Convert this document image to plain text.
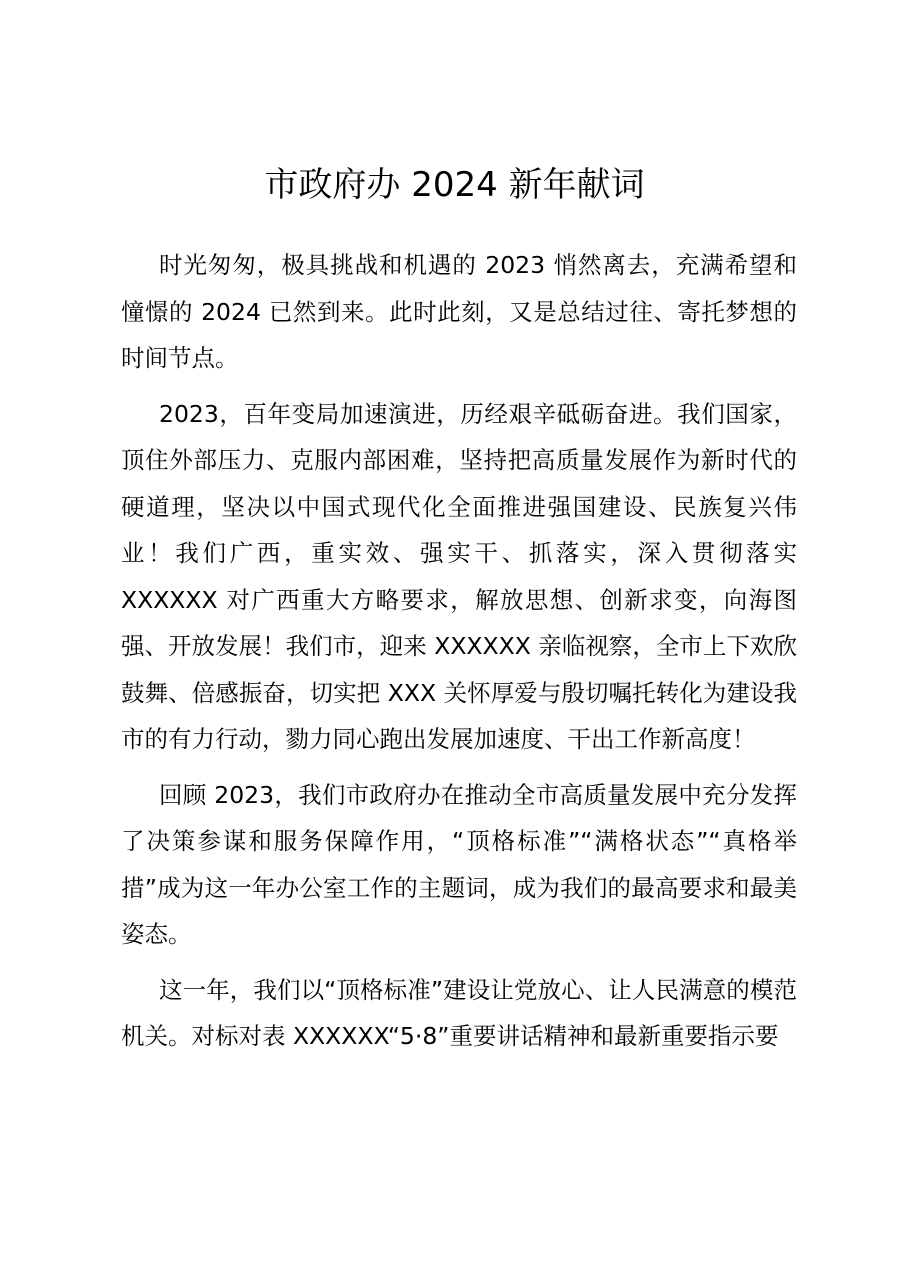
市政府办 2024 新年献词

时光匆匆，极具挑战和机遇的 2023 悄然离去，充满希望和憧憬的 2024 已然到来。此时此刻，又是总结过往、寄托梦想的时间节点。

2023，百年变局加速演进，历经艰辛砥砺奋进。我们国家，顶住外部压力、克服内部困难，坚持把高质量发展作为新时代的硬道理，坚决以中国式现代化全面推进强国建设、民族复兴伟业！我们广西，重实效、强实干、抓落实，深入贯彻落实 XXXXXX 对广西重大方略要求，解放思想、创新求变，向海图强、开放发展！我们市，迎来 XXXXXX 亲临视察，全市上下欢欣鼓舞、倍感振奋，切实把 XXX 关怀厚爱与殷切嘱托转化为建设我市的有力行动，勠力同心跑出发展加速度、干出工作新高度！

回顾 2023，我们市政府办在推动全市高质量发展中充分发挥了决策参谋和服务保障作用，“顶格标准”“满格状态”“真格举措”成为这一年办公室工作的主题词，成为我们的最高要求和最美姿态。

这一年，我们以“顶格标准”建设让党放心、让人民满意的模范机关。对标对表 XXXXXX“5·8”重要讲话精神和最新重要指示要
